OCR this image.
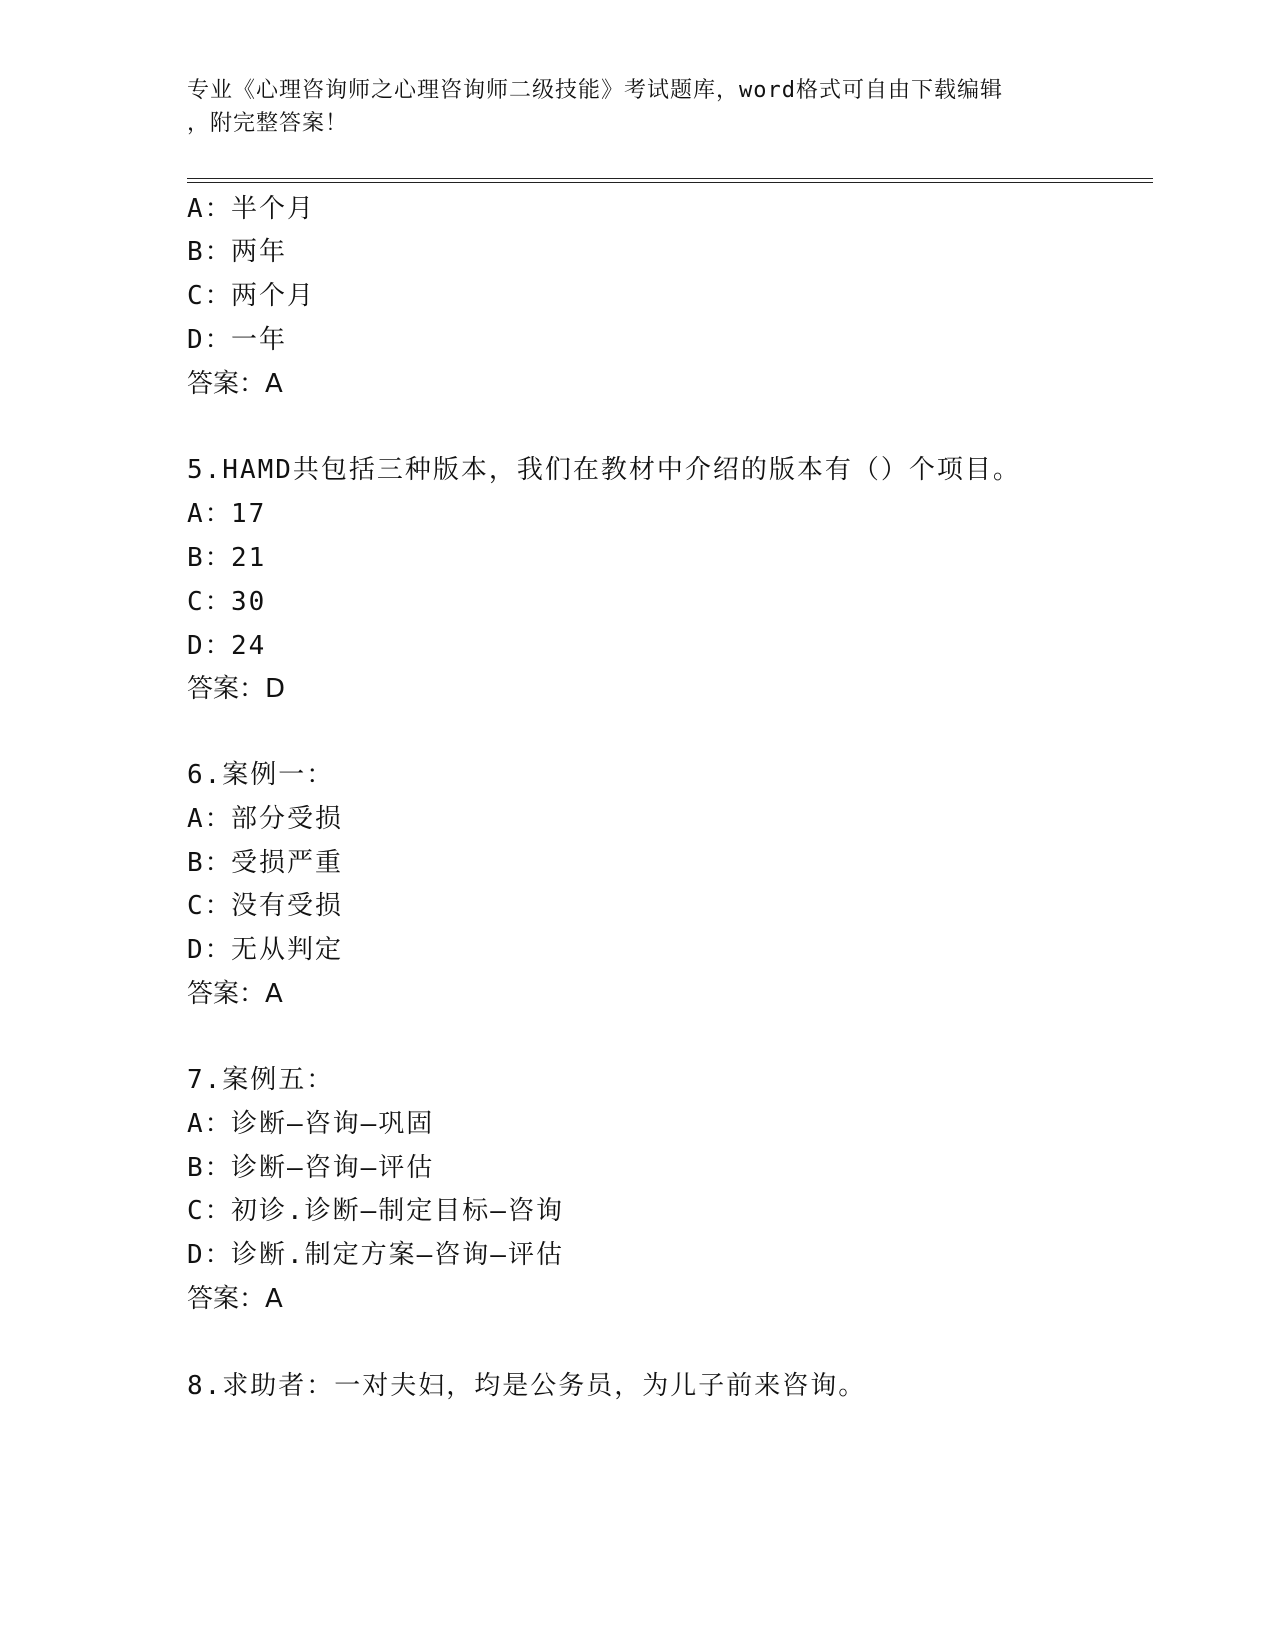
专业《心理咨询师之心理咨询师二级技能》考试题库，word格式可自由下载编辑
，附完整答案！
A：半个月
B：两年
C：两个月
D：一年
答案：A
5.HAMD共包括三种版本，我们在教材中介绍的版本有（）个项目。
A：17
B：21
C：30
D：24
答案：D
6.案例一：
A：部分受损
B：受损严重
C：没有受损
D：无从判定
答案：A
7.案例五：
A：诊断—咨询—巩固
B：诊断—咨询—评估
C：初诊.诊断—制定目标—咨询
D：诊断.制定方案—咨询—评估
答案：A
8.求助者：一对夫妇，均是公务员，为儿子前来咨询。
